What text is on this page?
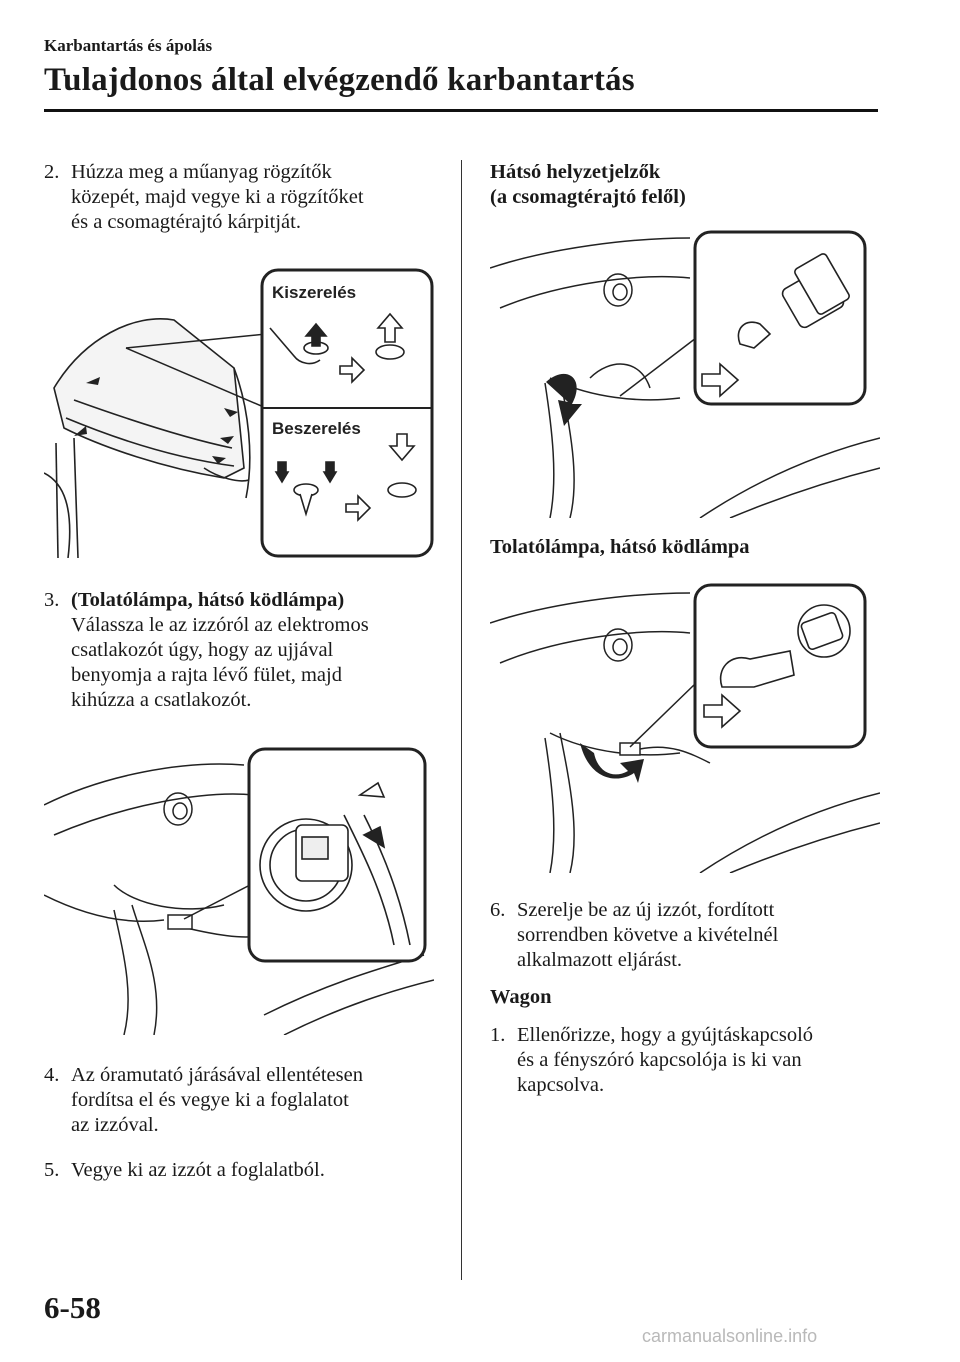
Karbantartás és ápolás
Tulajdonos által elvégzendő karbantartás
2. Húzza meg a műanyag rögzítők
közepét, majd vegye ki a rögzítőket
és a csomagtérajtó kárpitját.
Kiszerelés
Beszerelés
3. (Tolatólámpa, hátsó ködlámpa)
Válassza le az izzóról az elektromos
csatlakozót úgy, hogy az ujjával
benyomja a rajta lévő fület, majd
kihúzza a csatlakozót.
4. Az óramutató járásával ellentétesen
fordítsa el és vegye ki a foglalatot
az izzóval.
5. Vegye ki az izzót a foglalatból.
Hátsó helyzetjelzők
(a csomagtérajtó felől)
Tolatólámpa, hátsó ködlámpa
6. Szerelje be az új izzót, fordított
sorrendben követve a kivételnél
alkalmazott eljárást.
Wagon
1. Ellenőrizze, hogy a gyújtáskapcsoló
és a fényszóró kapcsolója is ki van
kapcsolva.
6-58
carmanualsonline.info
